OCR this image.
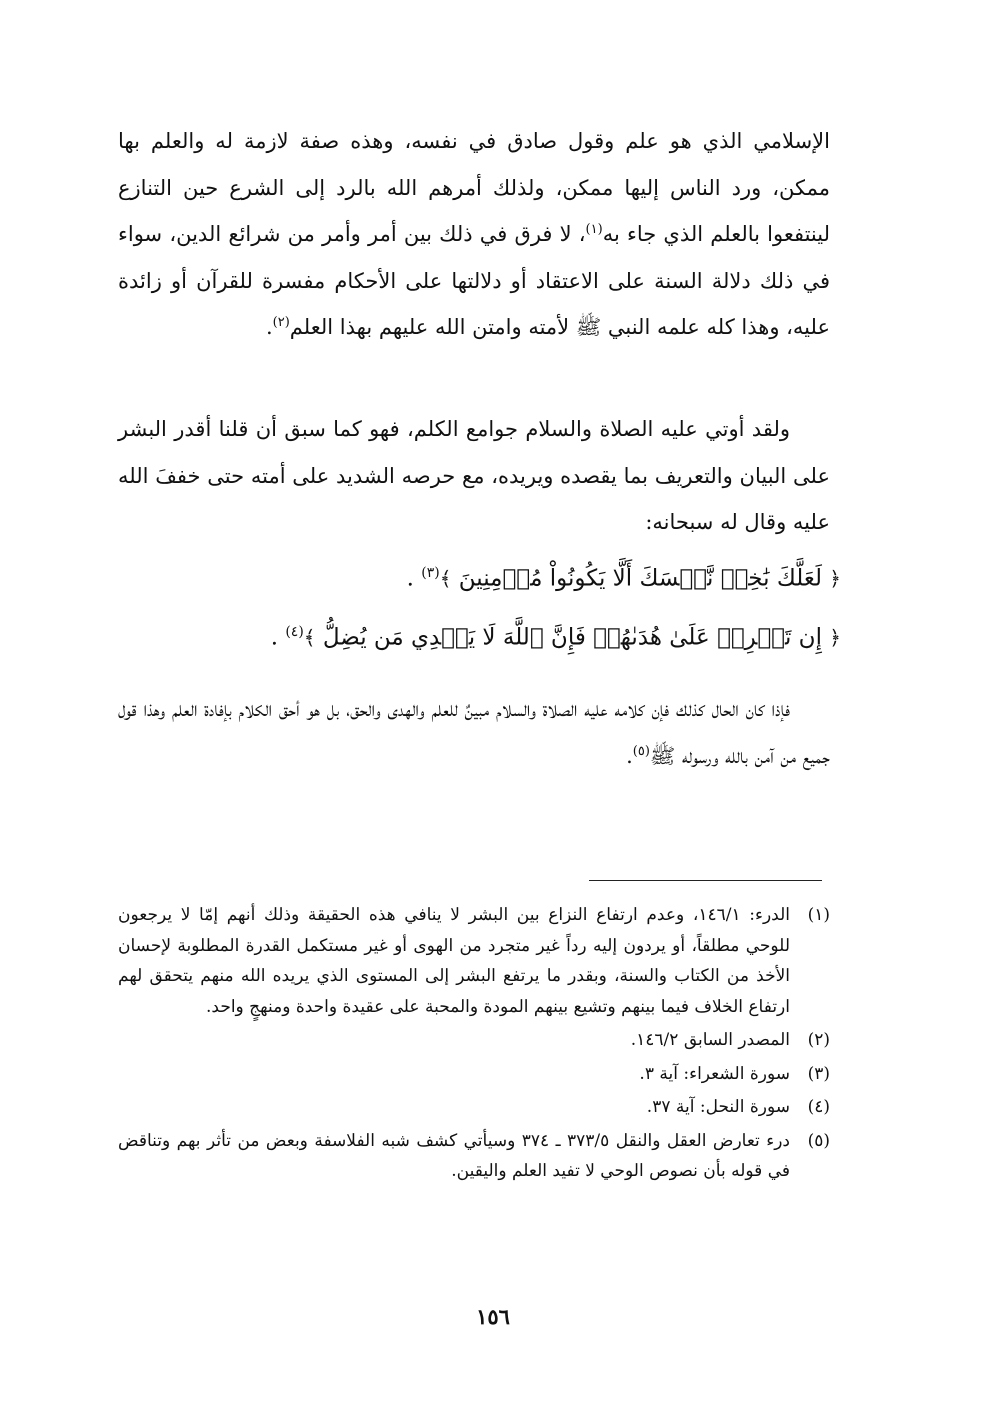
الإسلامي الذي هو علم وقول صادق في نفسه، وهذه صفة لازمة له والعلم بها ممكن، ورد الناس إليها ممكن، ولذلك أمرهم الله بالرد إلى الشرع حين التنازع لينتفعوا بالعلم الذي جاء به$^{(١)}$، لا فرق في ذلك بين أمر وأمر من شرائع الدين، سواء في ذلك دلالة السنة على الاعتقاد أو دلالتها على الأحكام مفسرة للقرآن أو زائدة عليه، وهذا كله علمه النبي ﷺ لأمته وامتن الله عليهم بهذا العلم$^{(٢)}$.

ولقد أوتي عليه الصلاة والسلام جوامع الكلم، فهو كما سبق أن قلنا أقدر البشر على البيان والتعريف بما يقصده ويريده، مع حرصه الشديد على أمته حتى خففَ الله عليه وقال له سبحانه:

﴿ لَعَلَّكَ بَٰخِعٞ نَّفۡسَكَ أَلَّا يَكُونُواْ مُؤۡمِنِينَ ﴾$^{(٣)}$ .
﴿ إِن تَحۡرِصۡ عَلَىٰ هُدَىٰهُمۡ فَإِنَّ ٱللَّهَ لَا يَهۡدِي مَن يُضِلُّ ﴾$^{(٤)}$ .

فإذا كان الحال كذلك فإن كلامه عليه الصلاة والسلام مبينٌ للعلم والهدى والحق، بل هو أحق الكلام بإفادة العلم وهذا قول جميع من آمن بالله ورسوله ﷺ$^{(٥)}$.

(١)
الدرء: ١٤٦/١، وعدم ارتفاع النزاع بين البشر لا ينافي هذه الحقيقة وذلك أنهم إمّا لا يرجعون للوحي مطلقاً، أو يردون إليه رداً غير متجرد من الهوى أو غير مستكمل القدرة المطلوبة لإحسان الأخذ من الكتاب والسنة، وبقدر ما يرتفع البشر إلى المستوى الذي يريده الله منهم يتحقق لهم ارتفاع الخلاف فيما بينهم وتشيع بينهم المودة والمحبة على عقيدة واحدة ومنهجٍ واحد.
(٢)
المصدر السابق ١٤٦/٢.
(٣)
سورة الشعراء: آية ٣.
(٤)
سورة النحل: آية ٣٧.
(٥)
درء تعارض العقل والنقل ٣٧٣/٥ ـ ٣٧٤ وسيأتي كشف شبه الفلاسفة وبعض من تأثر بهم وتناقض في قوله بأن نصوص الوحي لا تفيد العلم واليقين.
١٥٦
